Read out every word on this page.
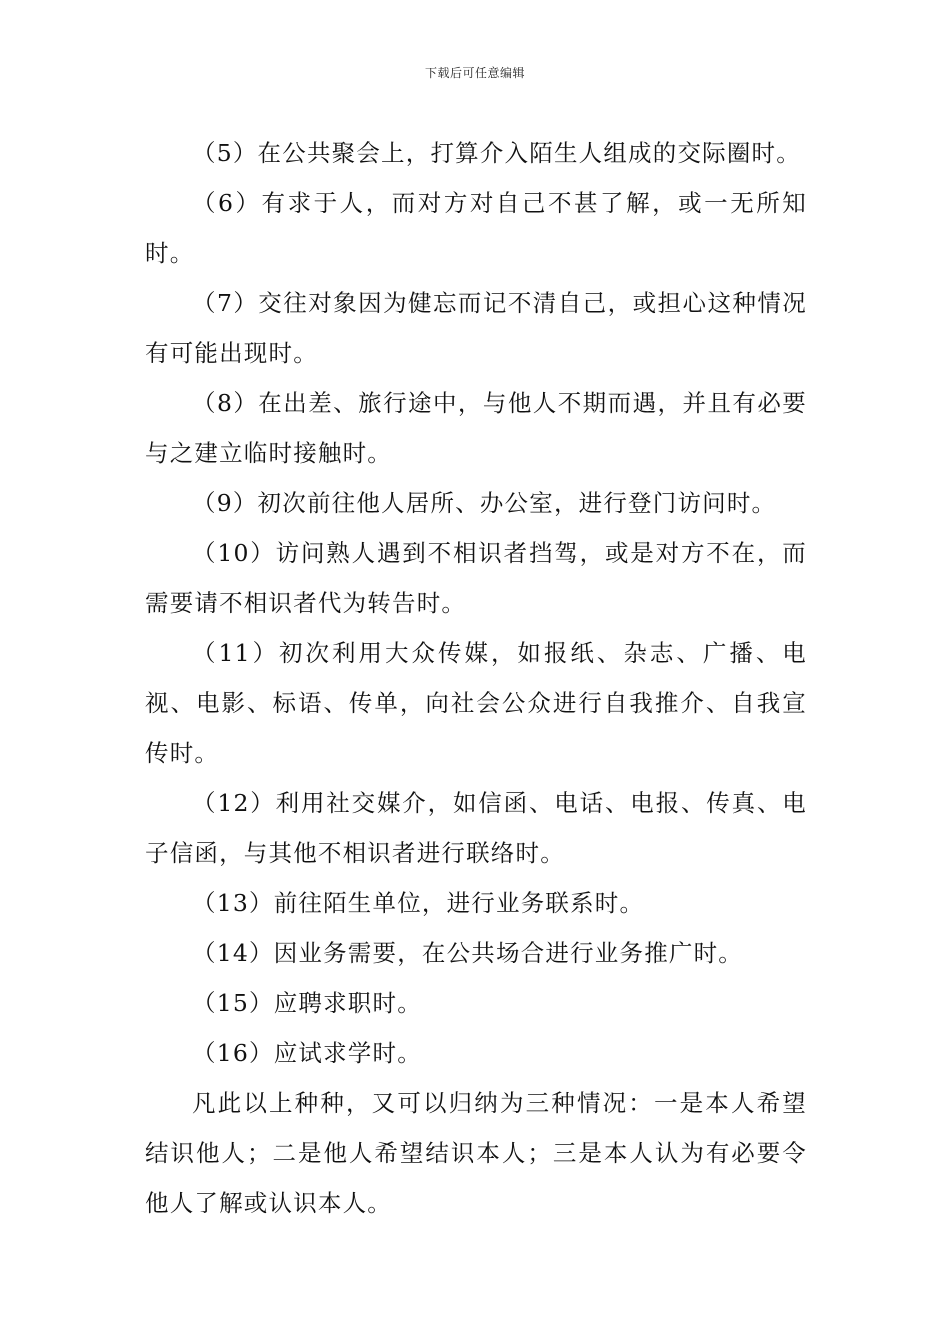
下载后可任意编辑

（5）在公共聚会上，打算介入陌生人组成的交际圈时。

（6）有求于人，而对方对自己不甚了解，或一无所知时。

（7）交往对象因为健忘而记不清自己，或担心这种情况有可能出现时。

（8）在出差、旅行途中，与他人不期而遇，并且有必要与之建立临时接触时。

（9）初次前往他人居所、办公室，进行登门访问时。

（10）访问熟人遇到不相识者挡驾，或是对方不在，而需要请不相识者代为转告时。

（11）初次利用大众传媒，如报纸、杂志、广播、电视、电影、标语、传单，向社会公众进行自我推介、自我宣传时。

（12）利用社交媒介，如信函、电话、电报、传真、电子信函，与其他不相识者进行联络时。

（13）前往陌生单位，进行业务联系时。

（14）因业务需要，在公共场合进行业务推广时。

（15）应聘求职时。

（16）应试求学时。

凡此以上种种，又可以归纳为三种情况：一是本人希望结识他人；二是他人希望结识本人；三是本人认为有必要令他人了解或认识本人。
